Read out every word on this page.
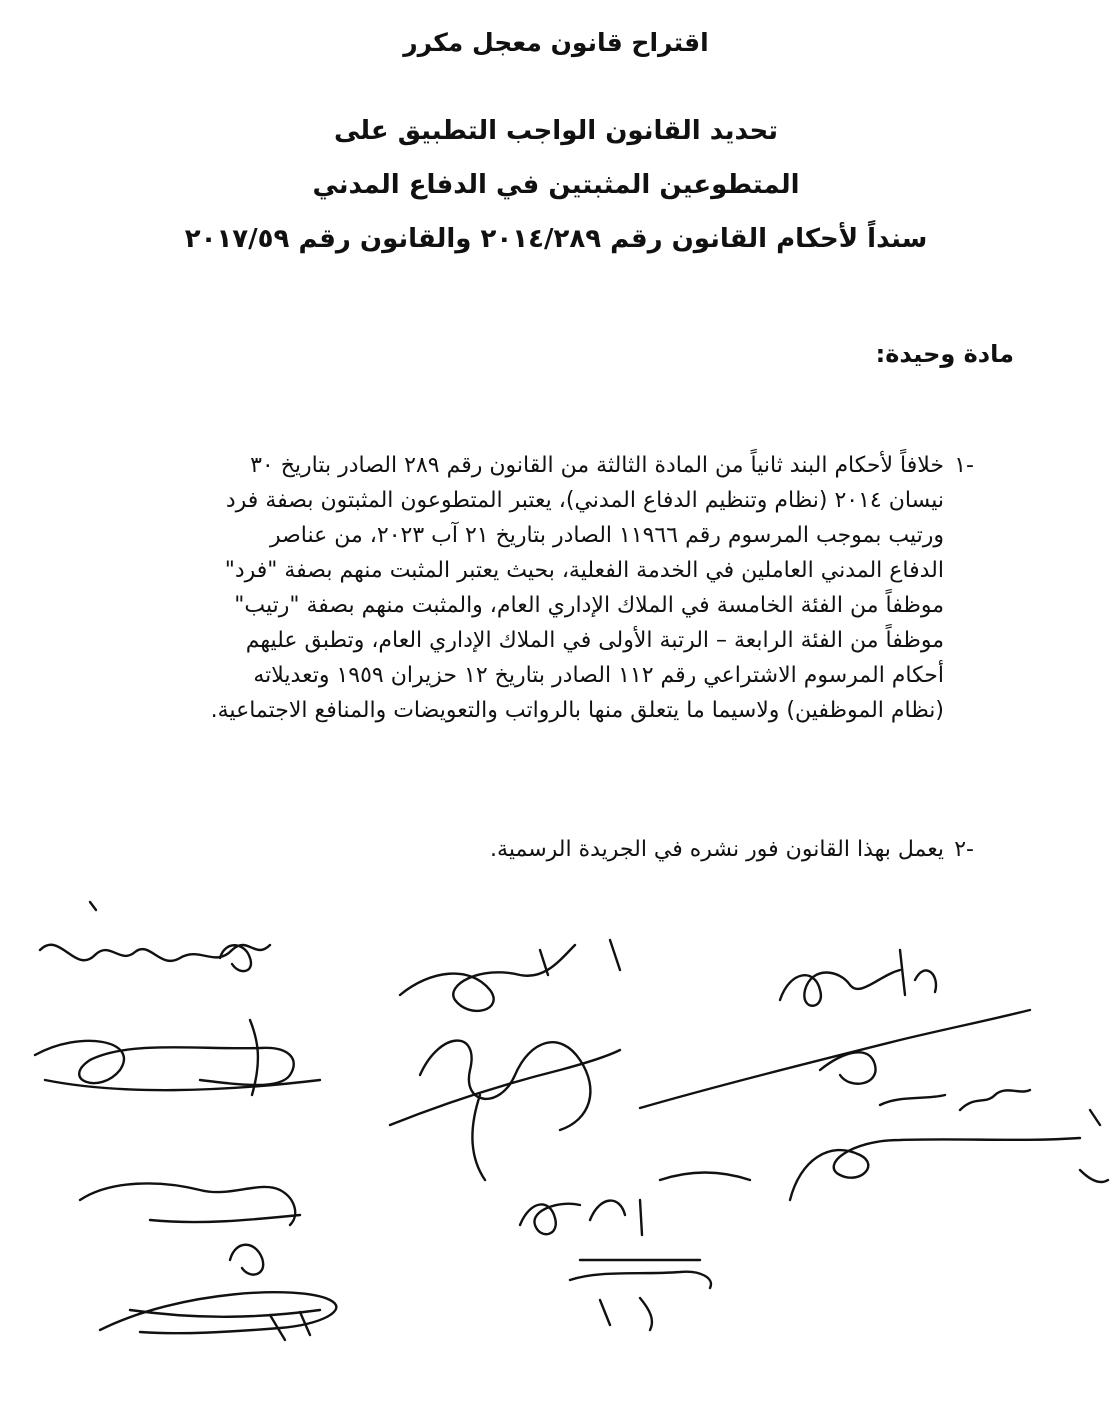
اقتراح قانون معجل مكرر
تحديد القانون الواجب التطبيق على
المتطوعين المثبتين في الدفاع المدني
سنداً لأحكام القانون رقم ٢٠١٤/٢٨٩ والقانون رقم ٢٠١٧/٥٩
مادة وحيدة:
١-
خلافاً لأحكام البند ثانياً من المادة الثالثة من القانون رقم ٢٨٩ الصادر بتاريخ ٣٠
نيسان ٢٠١٤ (نظام وتنظيم الدفاع المدني)، يعتبر المتطوعون المثبتون بصفة فرد
ورتيب بموجب المرسوم رقم ١١٩٦٦ الصادر بتاريخ ٢١ آب ٢٠٢٣، من عناصر
الدفاع المدني العاملين في الخدمة الفعلية، بحيث يعتبر المثبت منهم بصفة "فرد"
موظفاً من الفئة الخامسة في الملاك الإداري العام، والمثبت منهم بصفة "رتيب"
موظفاً من الفئة الرابعة – الرتبة الأولى في الملاك الإداري العام، وتطبق عليهم
أحكام المرسوم الاشتراعي رقم ١١٢ الصادر بتاريخ ١٢ حزيران ١٩٥٩ وتعديلاته
(نظام الموظفين) ولاسيما ما يتعلق منها بالرواتب والتعويضات والمنافع الاجتماعية.
٢-
يعمل بهذا القانون فور نشره في الجريدة الرسمية.
